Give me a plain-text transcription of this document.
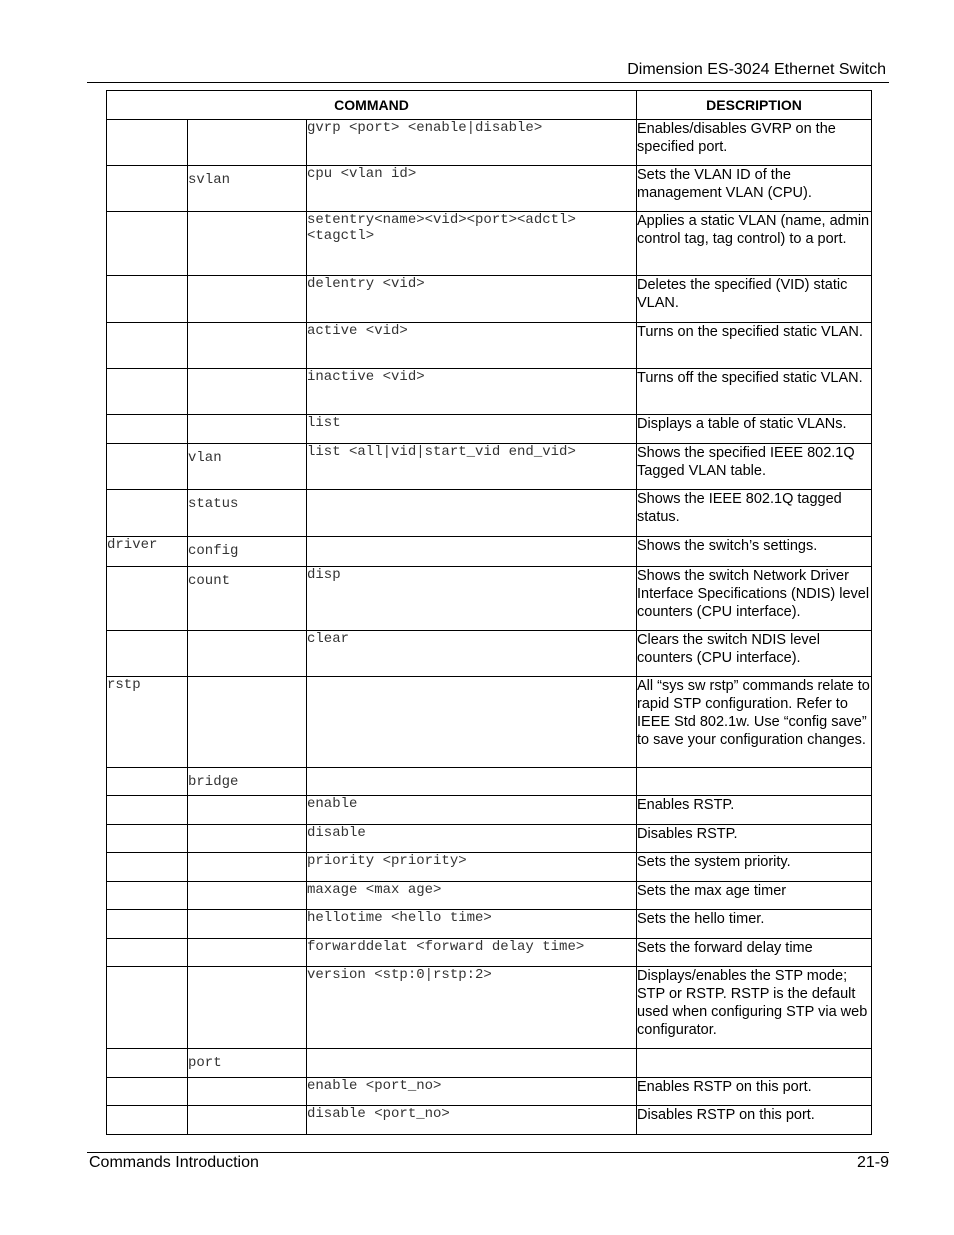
Dimension ES-3024 Ethernet Switch
COMMAND			DESCRIPTION
		gvrp <port> <enable|disable>	Enables/disables GVRP on the specified port.
	svlan	cpu <vlan id>	Sets the VLAN ID of the management VLAN (CPU).
		setentry<name><vid><port><adctl> <tagctl>	Applies a static VLAN (name, admin control tag, tag control) to a port.
		delentry <vid>	Deletes the specified (VID) static VLAN.
		active <vid>	Turns on the specified static VLAN.
		inactive <vid>	Turns off the specified static VLAN.
		list	Displays a table of static VLANs.
	vlan	list <all|vid|start_vid end_vid>	Shows the specified IEEE 802.1Q Tagged VLAN table.
	status		Shows the IEEE 802.1Q tagged status.
driver	config		Shows the switch’s settings.
	count	disp	Shows the switch Network Driver Interface Specifications (NDIS) level counters (CPU interface).
		clear	Clears the switch NDIS level counters (CPU interface).
rstp			All “sys sw rstp” commands relate to rapid STP configuration. Refer to IEEE Std 802.1w. Use “config save” to save your configuration changes.
	bridge		
		enable	Enables RSTP.
		disable	Disables RSTP.
		priority <priority>	Sets the system priority.
		maxage <max age>	Sets the max age timer
		hellotime <hello time>	Sets the hello timer.
		forwarddelat <forward delay time>	Sets the forward delay time
		version <stp:0|rstp:2>	Displays/enables the STP mode; STP or RSTP. RSTP is the default used when configuring STP via web configurator.
	port		
		enable <port_no>	Enables RSTP on this port.
		disable <port_no>	Disables RSTP on this port.
Commands Introduction	21-9
